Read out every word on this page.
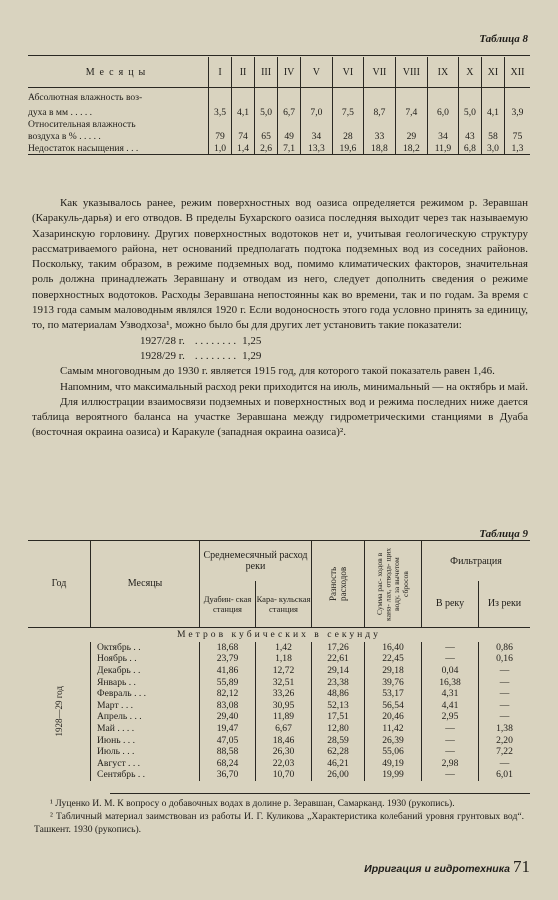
Таблица 8
Месяцы	I	II	III	IV	V	VI	VII	VIII	IX	X	XI	XII
Абсолютная влажность воз-												
духа в мм . . . . .	3,5	4,1	5,0	6,7	7,0	7,5	8,7	7,4	6,0	5,0	4,1	3,9
Относительная влажность												
воздуха в % . . . . .	79	74	65	49	34	28	33	29	34	43	58	75
Недостаток насыщения . . .	1,0	1,4	2,6	7,1	13,3	19,6	18,8	18,2	11,9	6,8	3,0	1,3

Как указывалось ранее, режим поверхностных вод оазиса определяется режимом р. Зеравшан (Каракуль-дарья) и его отводов. В пределы Бухарского оазиса последняя выходит через так называемую Хазаринскую горловину. Других поверхностных водотоков нет и, учитывая геологическую структуру рассматриваемого района, нет оснований предполагать подтока подземных вод из соседних районов. Поскольку, таким образом, в режиме подземных вод, помимо климатических факторов, значительная роль должна принадлежать Зеравшану и отводам из него, следует дополнить сведения о режиме поверхностных водотоков. Расходы Зеравшана непостоянны как во времени, так и по годам. За время с 1913 года самым маловодным являлся 1920 г. Если водоносность этого года условно принять за единицу, то, по материалам Узводхоза¹, можно было бы для других лет установить такие показатели:

1927/28 г. . . . . . . . . 1,25
1928/29 г. . . . . . . . . 1,29

Самым многоводным до 1930 г. является 1915 год, для которого такой показатель равен 1,46.

Напомним, что максимальный расход реки приходится на июль, минимальный — на октябрь и май.

Для иллюстрации взаимосвязи подземных и поверхностных вод и режима последних ниже дается таблица вероятного баланса на участке Зеравшана между гидрометрическими станциями в Дуаба (восточная окраина оазиса) и Каракуле (западная окраина оазиса)².

Таблица 9
Год	Месяцы	Среднемесячный расход реки		Разность расходов	Сумма рас- ходов в кана- лах, отвода- щих воду, за вычетом сбросов	Фильтрация	
		Дуабин- ская станция	Кара- кульская станция			В реку	Из реки
Метров кубических в секунду							

1928—29 год	Октябрь . .	18,68	1,42	17,26	16,40	—	0,86
	Ноябрь . .	23,79	1,18	22,61	22,45	—	0,16
	Декабрь . .	41,86	12,72	29,14	29,18	0,04	—
	Январь . .	55,89	32,51	23,38	39,76	16,38	—
	Февраль . . .	82,12	33,26	48,86	53,17	4,31	—
	Март . . .	83,08	30,95	52,13	56,54	4,41	—
	Апрель . . .	29,40	11,89	17,51	20,46	2,95	—
	Май . . . .	19,47	6,67	12,80	11,42	—	1,38
	Июнь . . .	47,05	18,46	28,59	26,39	—	2,20
	Июль . . .	88,58	26,30	62,28	55,06	—	7,22
	Август . . .	68,24	22,03	46,21	49,19	2,98	—
	Сентябрь . .	36,70	10,70	26,00	19,99	—	6,01
¹ Луценко И. М. К вопросу о добавочных водах в долине р. Зеравшан, Самарканд. 1930 (рукопись).
² Табличный материал заимствован из работы И. Г. Куликова „Характеристика колебаний уровня грунтовых вод“. Ташкент. 1930 (рукопись).
Ирригация и гидротехника 71
